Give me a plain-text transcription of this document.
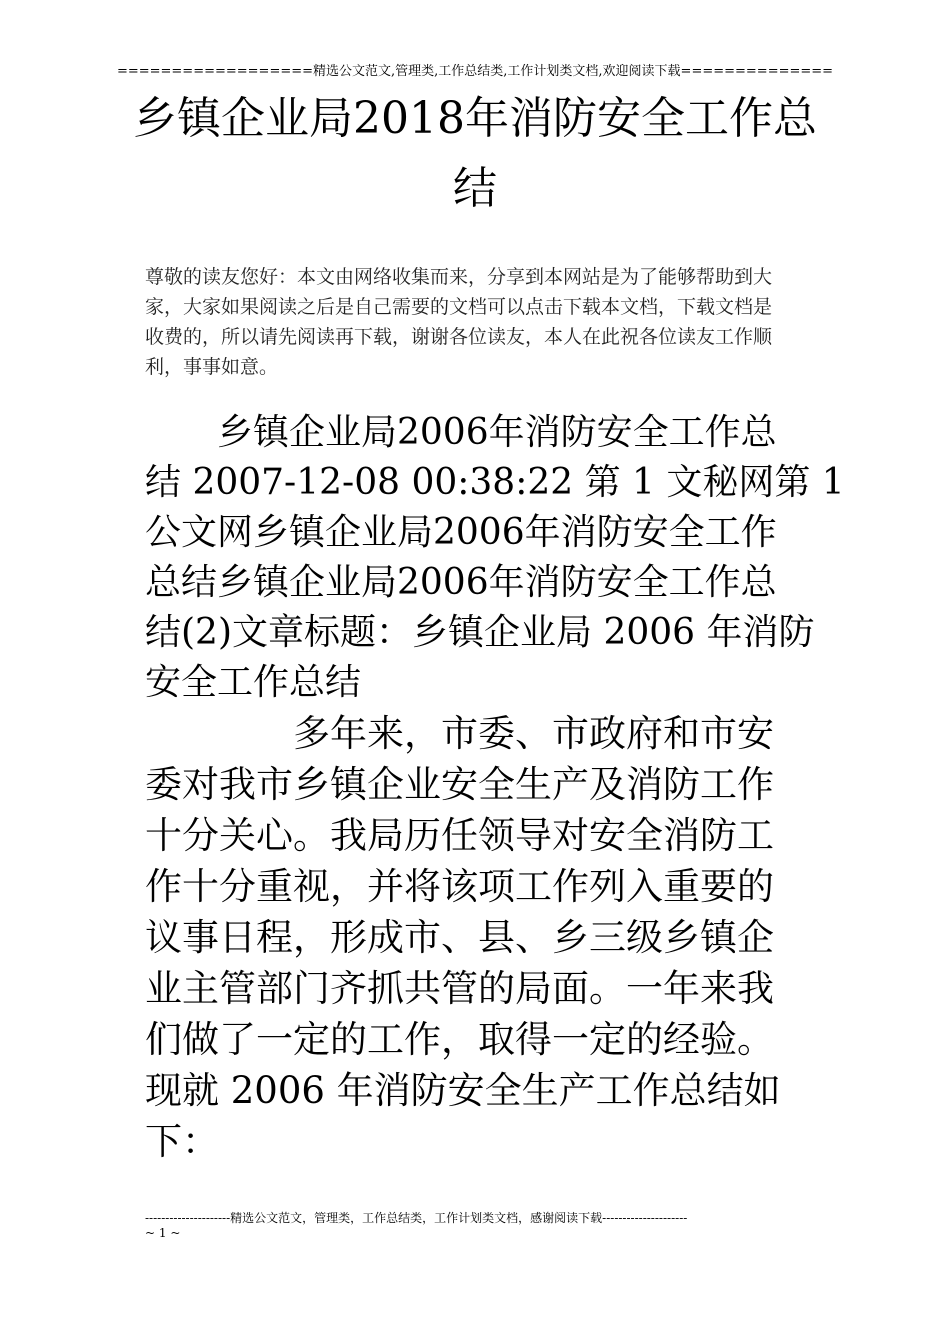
==================精选公文范文,管理类,工作总结类,工作计划类文档,欢迎阅读下载==============
乡镇企业局2018年消防安全工作总
结
尊敬的读友您好：本文由网络收集而来，分享到本网站是为了能够帮助到大
家，大家如果阅读之后是自己需要的文档可以点击下载本文档，下载文档是
收费的，所以请先阅读再下载，谢谢各位读友，本人在此祝各位读友工作顺
利，事事如意。
　　乡镇企业局2006年消防安全工作总
结 2007-12-08 00:38:22 第 1 文秘网第 1
公文网乡镇企业局2006年消防安全工作
总结乡镇企业局2006年消防安全工作总
结(2)文章标题：乡镇企业局 2006 年消防
安全工作总结
　　　　多年来，市委、市政府和市安
委对我市乡镇企业安全生产及消防工作
十分关心。我局历任领导对安全消防工
作十分重视，并将该项工作列入重要的
议事日程，形成市、县、乡三级乡镇企
业主管部门齐抓共管的局面。一年来我
们做了一定的工作，取得一定的经验。
现就 2006 年消防安全生产工作总结如
下：
---------------------精选公文范文，管理类，工作总结类，工作计划类文档，感谢阅读下载---------------------
~ 1 ~
